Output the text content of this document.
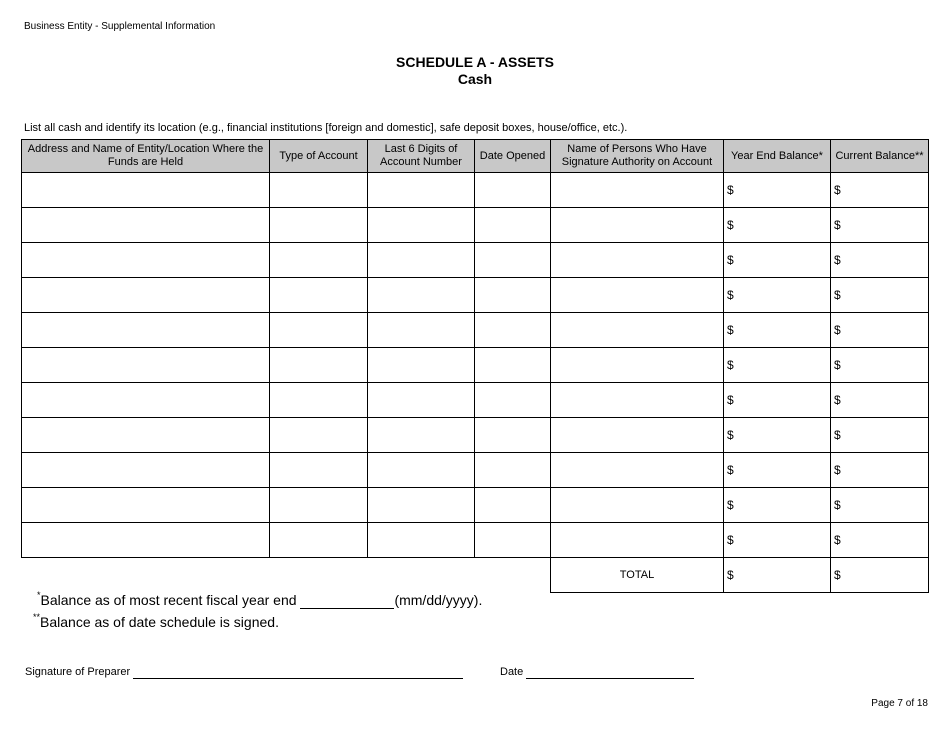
Business Entity - Supplemental Information
SCHEDULE A - ASSETS
Cash
List all cash and identify its location (e.g., financial institutions [foreign and domestic], safe deposit boxes, house/office, etc.).
Address and Name of Entity/Location Where the Funds are Held	Type of Account	Last 6 Digits of Account Number	Date Opened	Name of Persons Who Have Signature Authority on Account	Year End Balance*	Current Balance**
					$	$
					$	$
					$	$
					$	$
					$	$
					$	$
					$	$
					$	$
					$	$
					$	$
					$	$
				TOTAL	$	$
*Balance as of most recent fiscal year end	(mm/dd/yyyy).
**Balance as of date schedule is signed.
Signature of Preparer	Date
Page 7 of 18
